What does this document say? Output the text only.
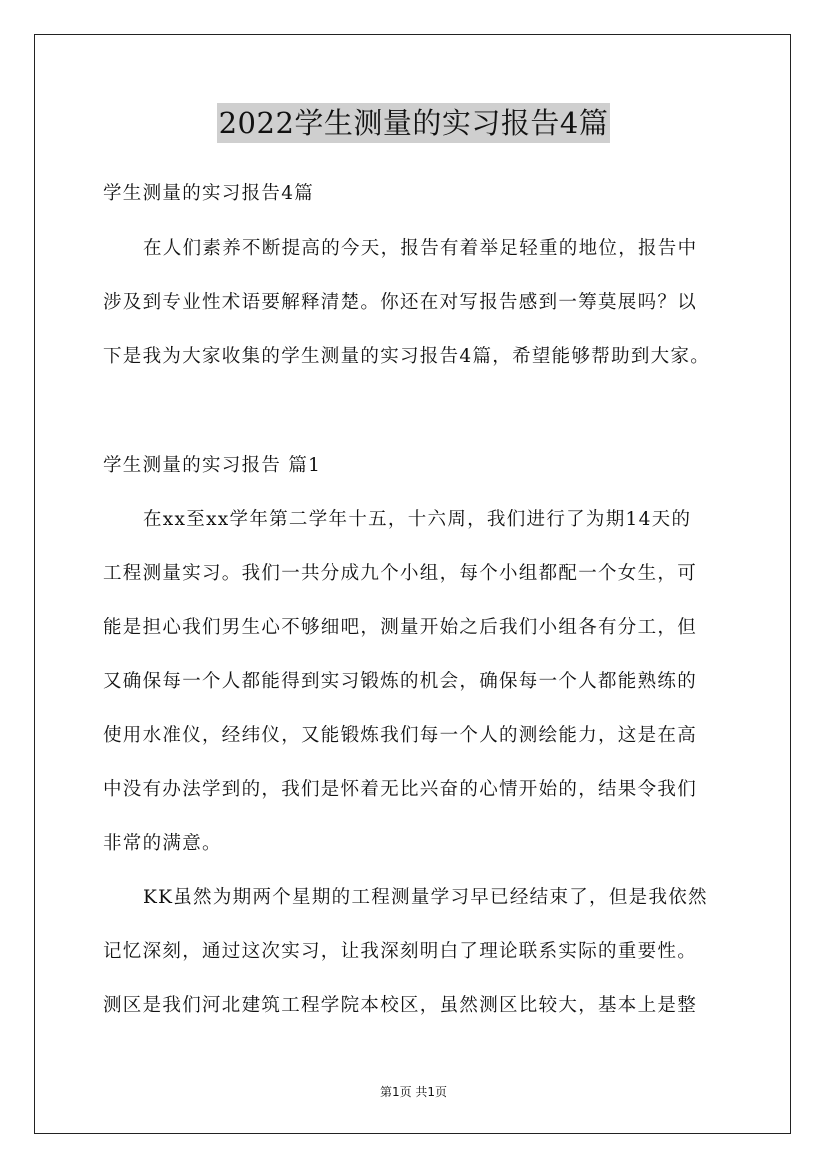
2022学生测量的实习报告4篇
学生测量的实习报告4篇
在人们素养不断提高的今天，报告有着举足轻重的地位，报告中
涉及到专业性术语要解释清楚。你还在对写报告感到一筹莫展吗？以
下是我为大家收集的学生测量的实习报告4篇，希望能够帮助到大家。
学生测量的实习报告 篇1
在xx至xx学年第二学年十五，十六周，我们进行了为期14天的
工程测量实习。我们一共分成九个小组，每个小组都配一个女生，可
能是担心我们男生心不够细吧，测量开始之后我们小组各有分工，但
又确保每一个人都能得到实习锻炼的机会，确保每一个人都能熟练的
使用水准仪，经纬仪，又能锻炼我们每一个人的测绘能力，这是在高
中没有办法学到的，我们是怀着无比兴奋的心情开始的，结果令我们
非常的满意。
KK虽然为期两个星期的工程测量学习早已经结束了，但是我依然
记忆深刻，通过这次实习，让我深刻明白了理论联系实际的重要性。
测区是我们河北建筑工程学院本校区，虽然测区比较大，基本上是整
第1页 共1页
